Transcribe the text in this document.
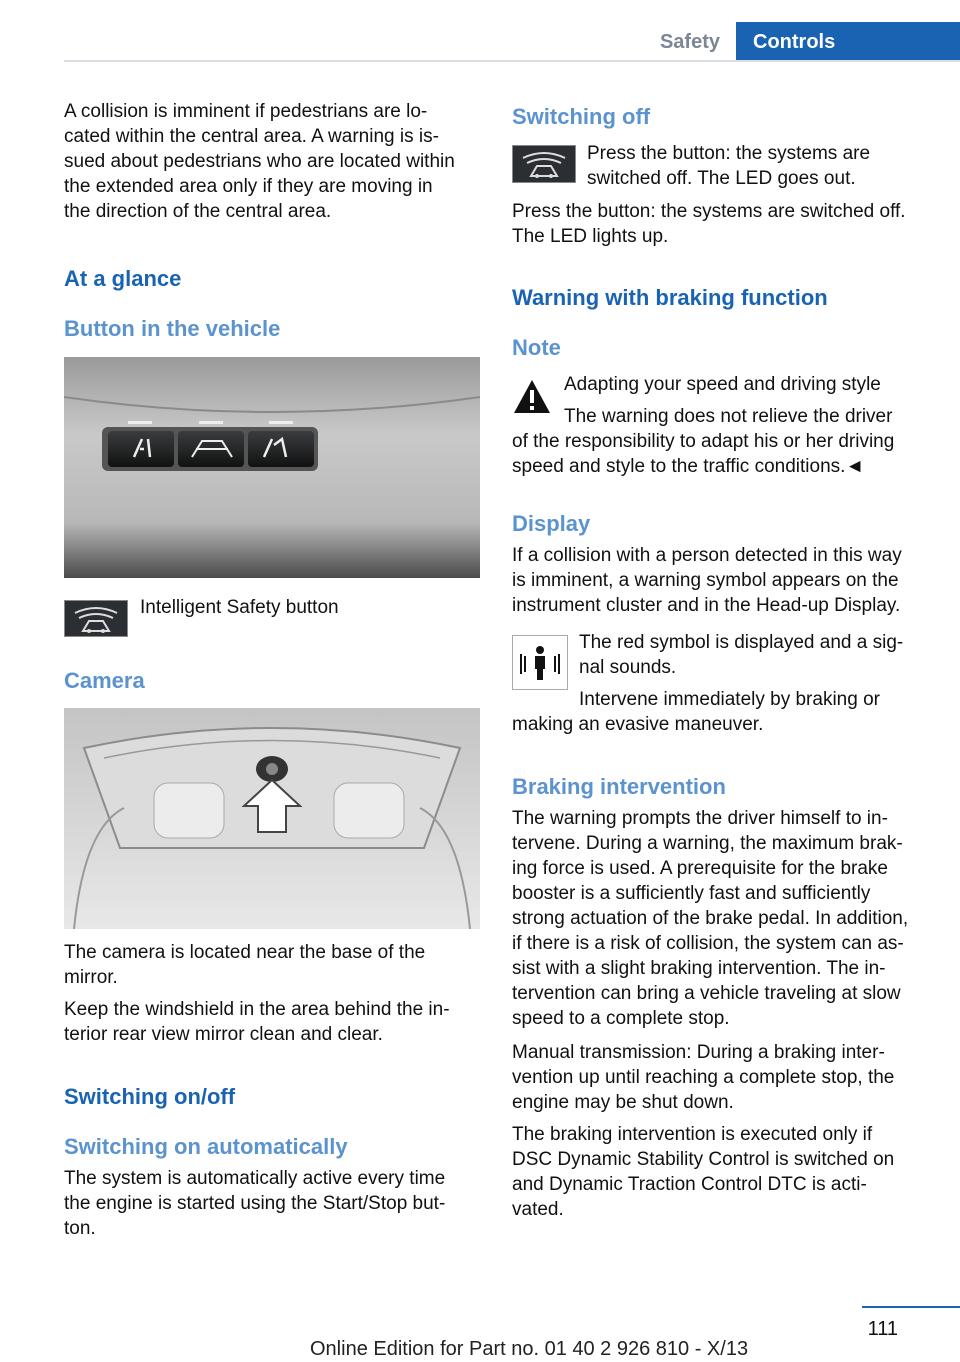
Safety	Controls

A collision is imminent if pedestrians are lo-

cated within the central area. A warning is is-

sued about pedestrians who are located within

the extended area only if they are moving in

the direction of the central area.

At a glance

Button in the vehicle

Intelligent Safety button

Camera

The camera is located near the base of the

mirror.

Keep the windshield in the area behind the in-

terior rear view mirror clean and clear.

Switching on/off

Switching on automatically

The system is automatically active every time

the engine is started using the Start/Stop but-

ton.

Switching off

Press the button: the systems are

switched off. The LED goes out.

Press the button: the systems are switched off.

The LED lights up.

Warning with braking function

Note

Adapting your speed and driving style

The warning does not relieve the driver

of the responsibility to adapt his or her driving

speed and style to the traffic conditions.◄

Display

If a collision with a person detected in this way

is imminent, a warning symbol appears on the

instrument cluster and in the Head-up Display.

The red symbol is displayed and a sig-

nal sounds.

Intervene immediately by braking or

making an evasive maneuver.

Braking intervention

The warning prompts the driver himself to in-

tervene. During a warning, the maximum brak-

ing force is used. A prerequisite for the brake

booster is a sufficiently fast and sufficiently

strong actuation of the brake pedal. In addition,

if there is a risk of collision, the system can as-

sist with a slight braking intervention. The in-

tervention can bring a vehicle traveling at slow

speed to a complete stop.

Manual transmission: During a braking inter-

vention up until reaching a complete stop, the

engine may be shut down.

The braking intervention is executed only if

DSC Dynamic Stability Control is switched on

and Dynamic Traction Control DTC is acti-

vated.

111
Online Edition for Part no. 01 40 2 926 810 - X/13
